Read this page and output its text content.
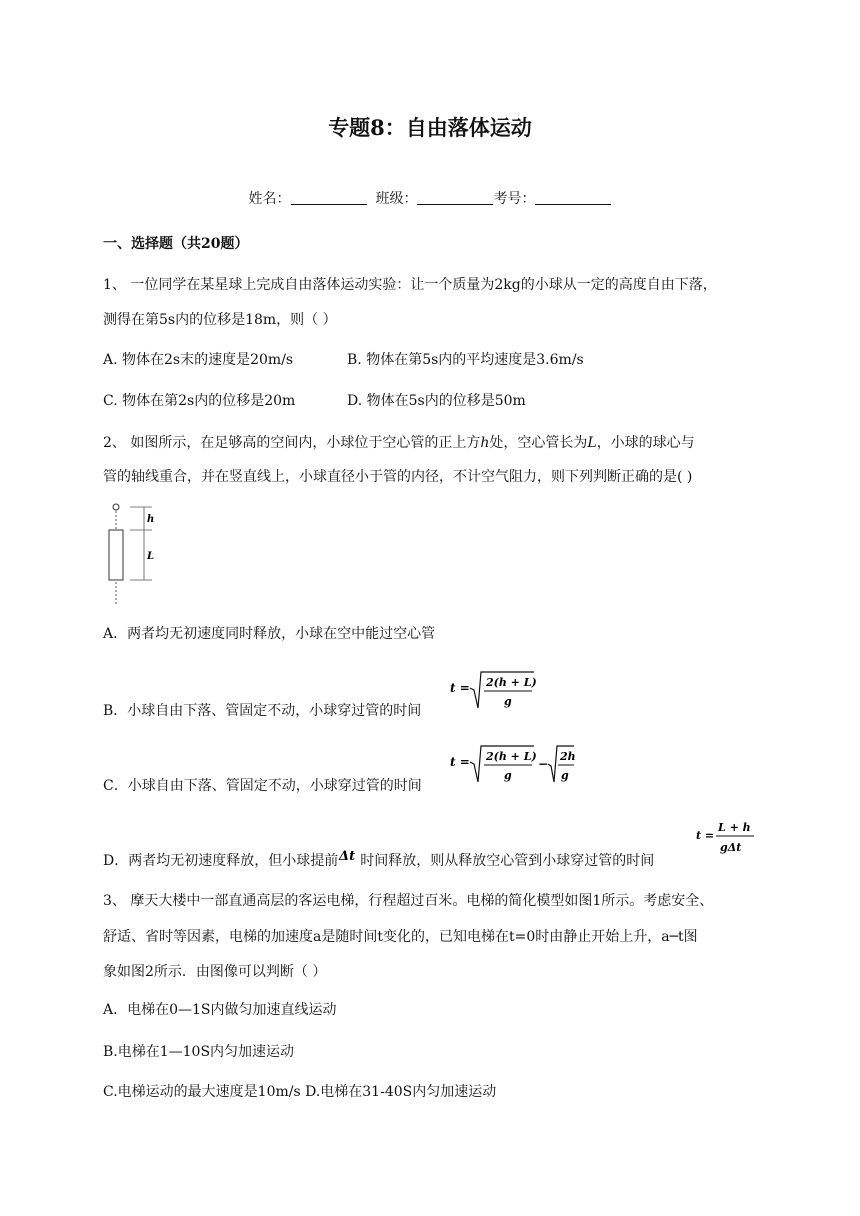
专题8：自由落体运动
姓名：	班级：	考号：
一、选择题（共20题）
1、 一位同学在某星球上完成自由落体运动实验：让一个质量为2kg的小球从一定的高度自由下落，
测得在第5s内的位移是18m，则（ ）
A. 物体在2s末的速度是20m/s	B. 物体在第5s内的平均速度是3.6m/s
C. 物体在第2s内的位移是20m	D. 物体在5s内的位移是50m
2、 如图所示，在足够高的空间内，小球位于空心管的正上方h处，空心管长为L，小球的球心与
管的轴线重合，并在竖直线上，小球直径小于管的内径，不计空气阻力，则下列判断正确的是( )
h
L
A．两者均无初速度同时释放，小球在空中能过空心管
B．小球自由下落、管固定不动，小球穿过管的时间
t = 2(h + L)
g
C．小球自由下落、管固定不动，小球穿过管的时间
t = 2(h + L)
g
−
2h
g
D．两者均无初速度释放，但小球提前 Δt 时间释放，则从释放空心管到小球穿过管的时间
t =
L + h
gΔt
3、 摩天大楼中一部直通高层的客运电梯，行程超过百米。电梯的简化模型如图1所示。考虑安全、
舒适、省时等因素，电梯的加速度a是随时间t变化的，已知电梯在t=0时由静止开始上升，a─t图
象如图2所示．由图像可以判断（ ）
A．电梯在0—1S内做匀加速直线运动
B.电梯在1—10S内匀加速运动
C.电梯运动的最大速度是10m/s D.电梯在31-40S内匀加速运动
